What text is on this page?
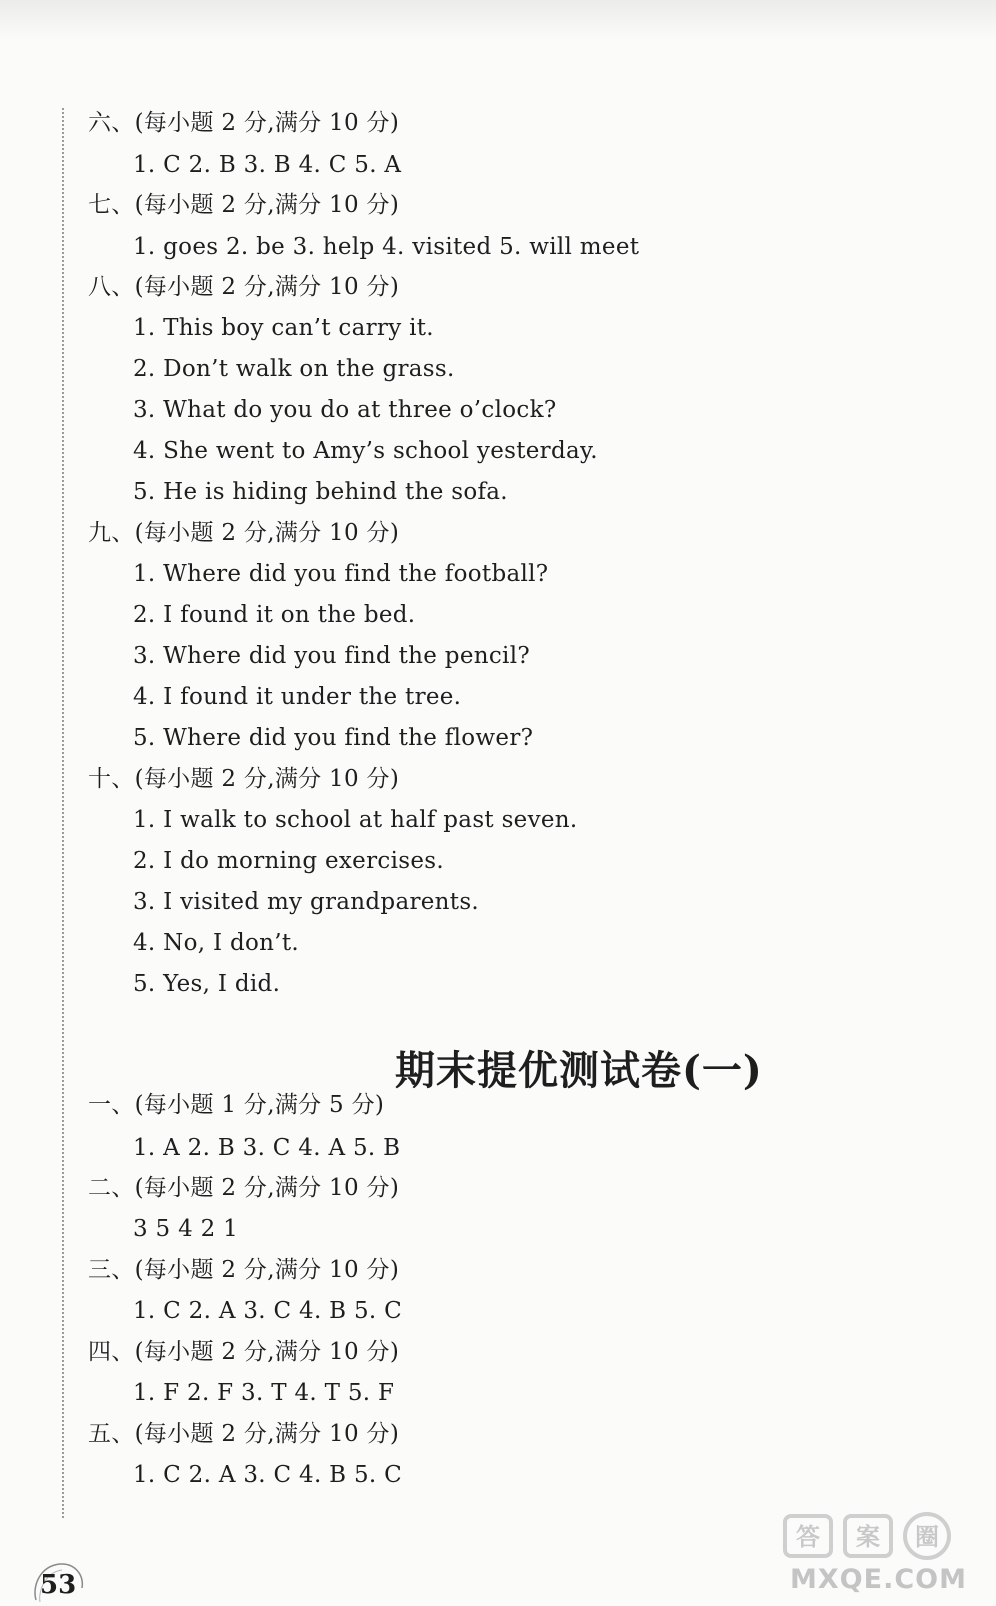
六、(每小题 2 分,满分 10 分)
1. C 2. B 3. B 4. C 5. A
七、(每小题 2 分,满分 10 分)
1. goes 2. be 3. help 4. visited 5. will meet
八、(每小题 2 分,满分 10 分)
1. This boy can’t carry it.
2. Don’t walk on the grass.
3. What do you do at three o’clock?
4. She went to Amy’s school yesterday.
5. He is hiding behind the sofa.
九、(每小题 2 分,满分 10 分)
1. Where did you find the football?
2. I found it on the bed.
3. Where did you find the pencil?
4. I found it under the tree.
5. Where did you find the flower?
十、(每小题 2 分,满分 10 分)
1. I walk to school at half past seven.
2. I do morning exercises.
3. I visited my grandparents.
4. No, I don’t.
5. Yes, I did.
期末提优测试卷(一)
一、(每小题 1 分,满分 5 分)
1. A 2. B 3. C 4. A 5. B
二、(每小题 2 分,满分 10 分)
3 5 4 2 1
三、(每小题 2 分,满分 10 分)
1. C 2. A 3. C 4. B 5. C
四、(每小题 2 分,满分 10 分)
1. F 2. F 3. T 4. T 5. F
五、(每小题 2 分,满分 10 分)
1. C 2. A 3. C 4. B 5. C
53
答 案 圈
MXQE.COM
